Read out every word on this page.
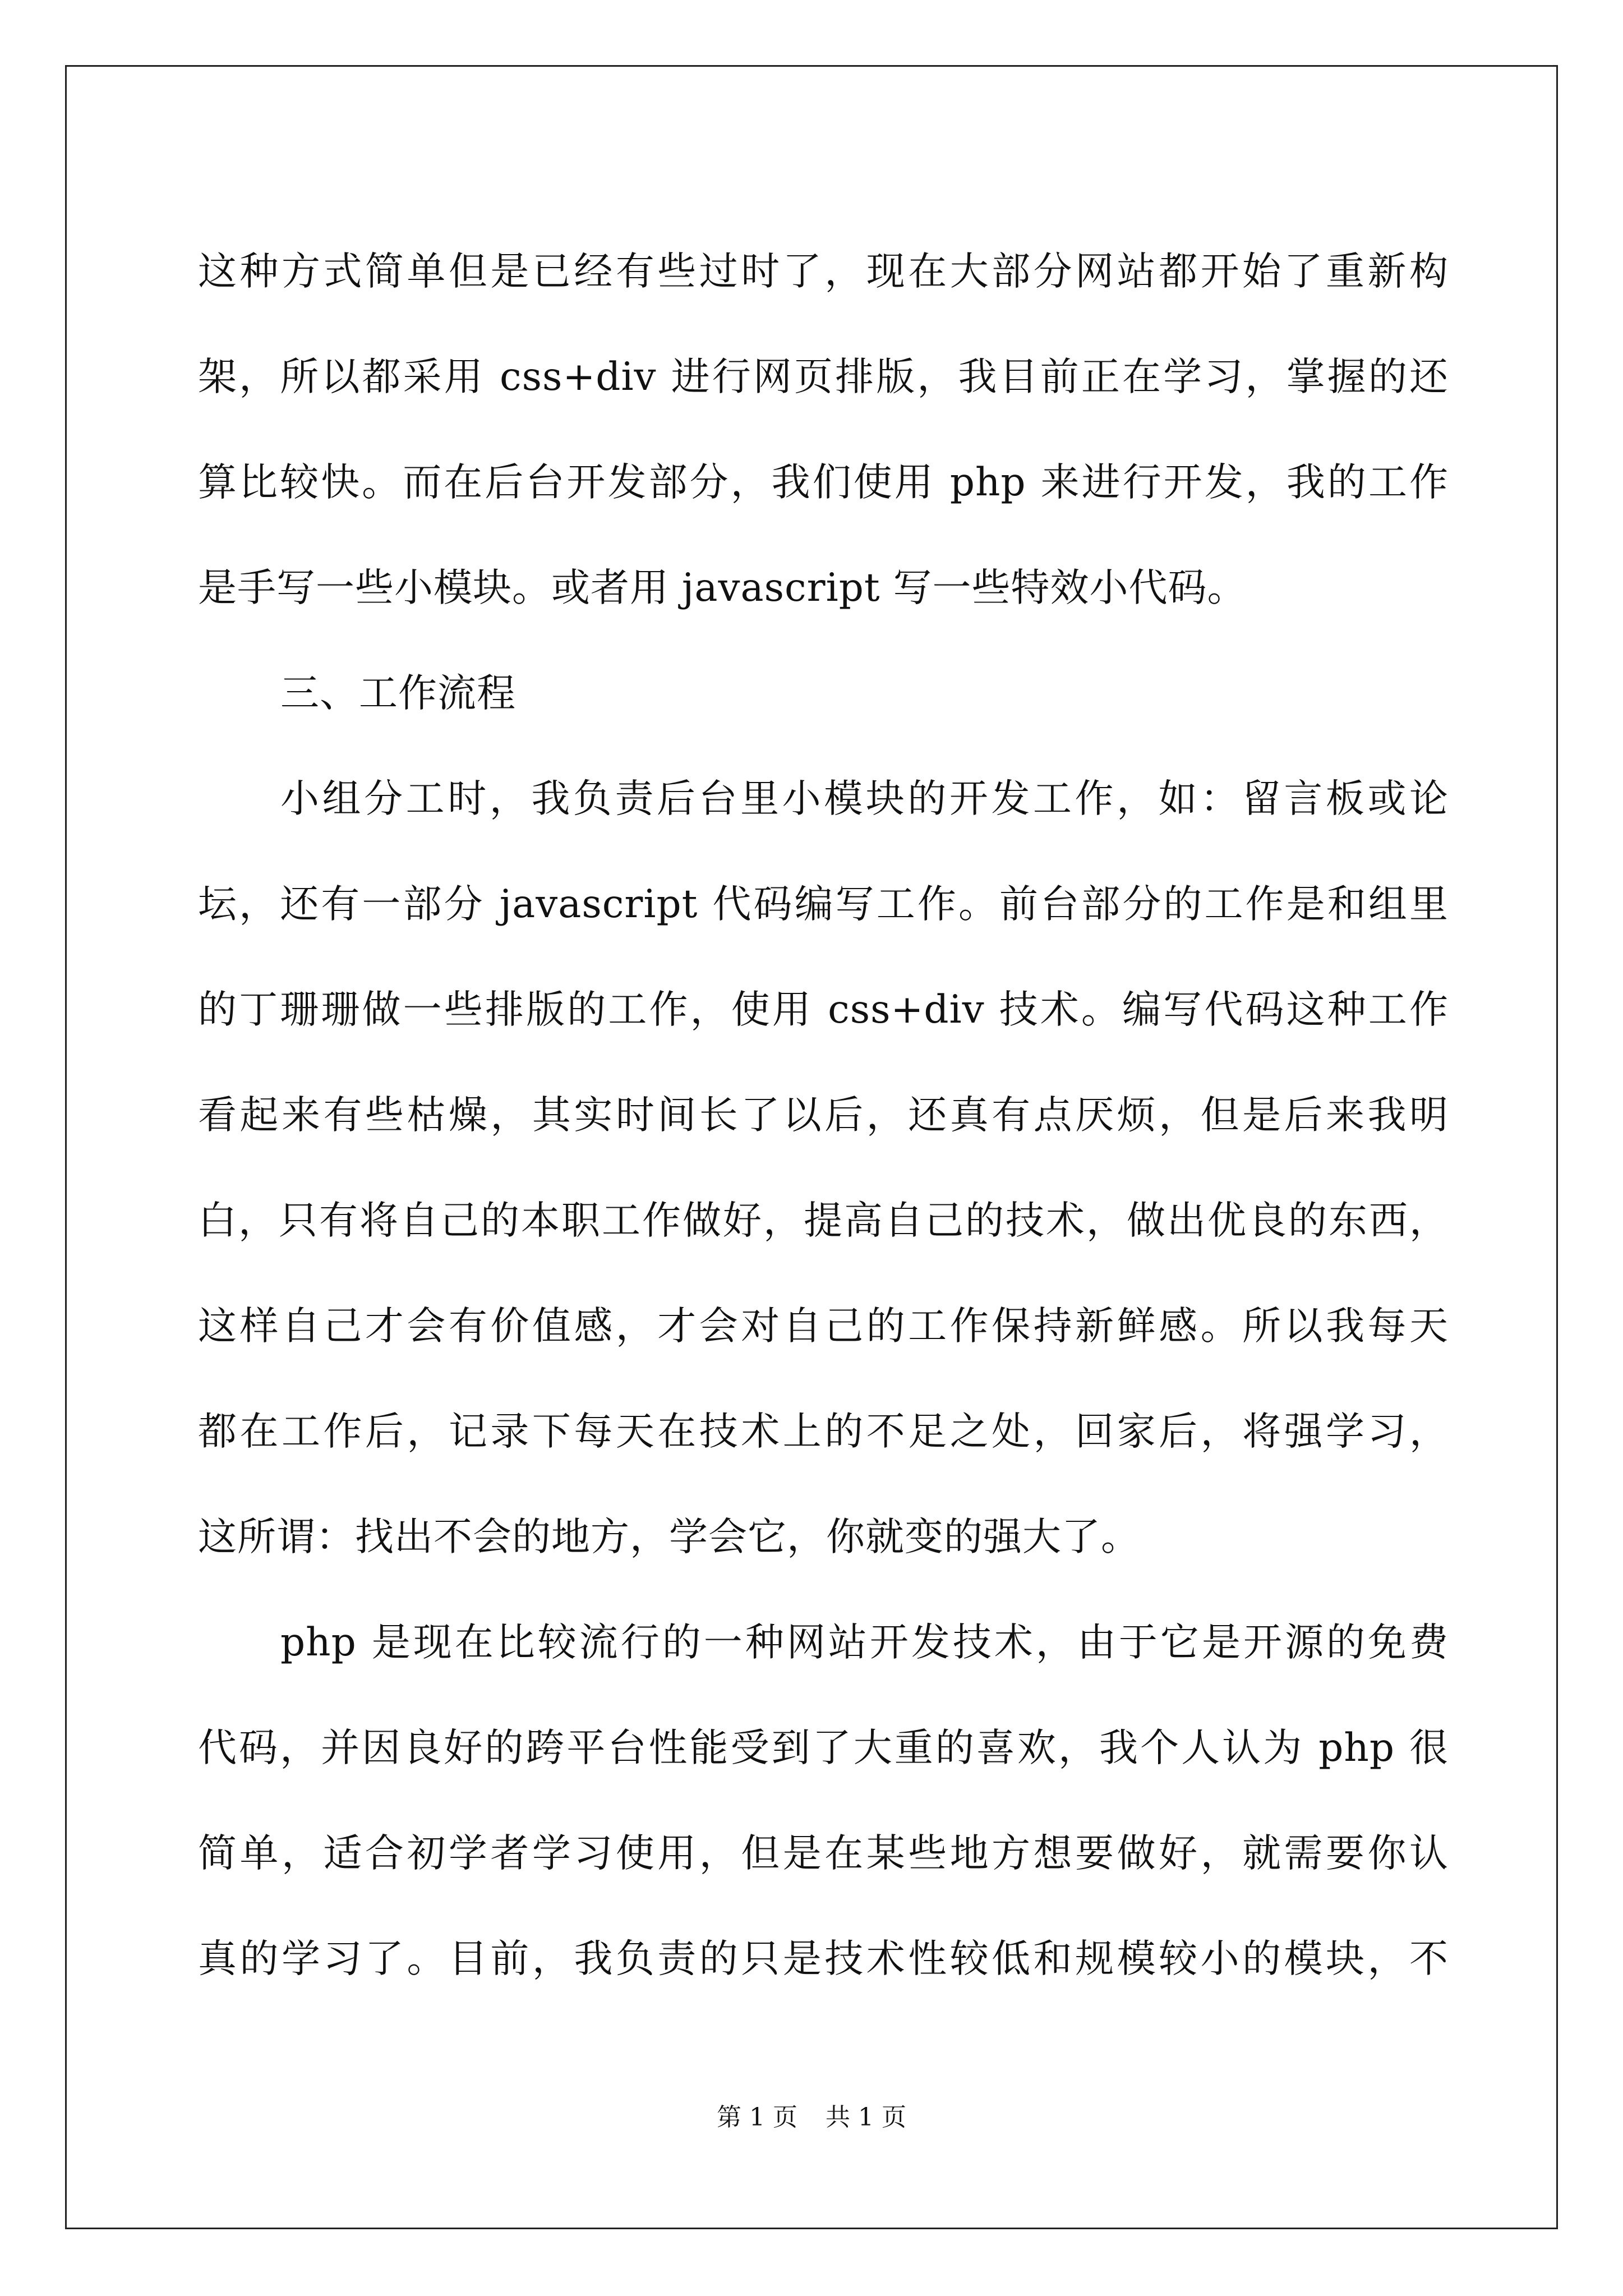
这种方式简单但是已经有些过时了，现在大部分网站都开始了重新构
架，所以都采用 css+div 进行网页排版，我目前正在学习，掌握的还
算比较快。而在后台开发部分，我们使用 php 来进行开发，我的工作
是手写一些小模块。或者用 javascript 写一些特效小代码。
三、工作流程
小组分工时，我负责后台里小模块的开发工作，如：留言板或论
坛，还有一部分 javascript 代码编写工作。前台部分的工作是和组里
的丁珊珊做一些排版的工作，使用 css+div 技术。编写代码这种工作
看起来有些枯燥，其实时间长了以后，还真有点厌烦，但是后来我明
白，只有将自己的本职工作做好，提高自己的技术，做出优良的东西，
这样自己才会有价值感，才会对自己的工作保持新鲜感。所以我每天
都在工作后，记录下每天在技术上的不足之处，回家后，将强学习，
这所谓：找出不会的地方，学会它，你就变的强大了。
php 是现在比较流行的一种网站开发技术，由于它是开源的免费
代码，并因良好的跨平台性能受到了大重的喜欢，我个人认为 php 很
简单，适合初学者学习使用，但是在某些地方想要做好，就需要你认
真的学习了。目前，我负责的只是技术性较低和规模较小的模块，不
第 1 页 共 1 页
